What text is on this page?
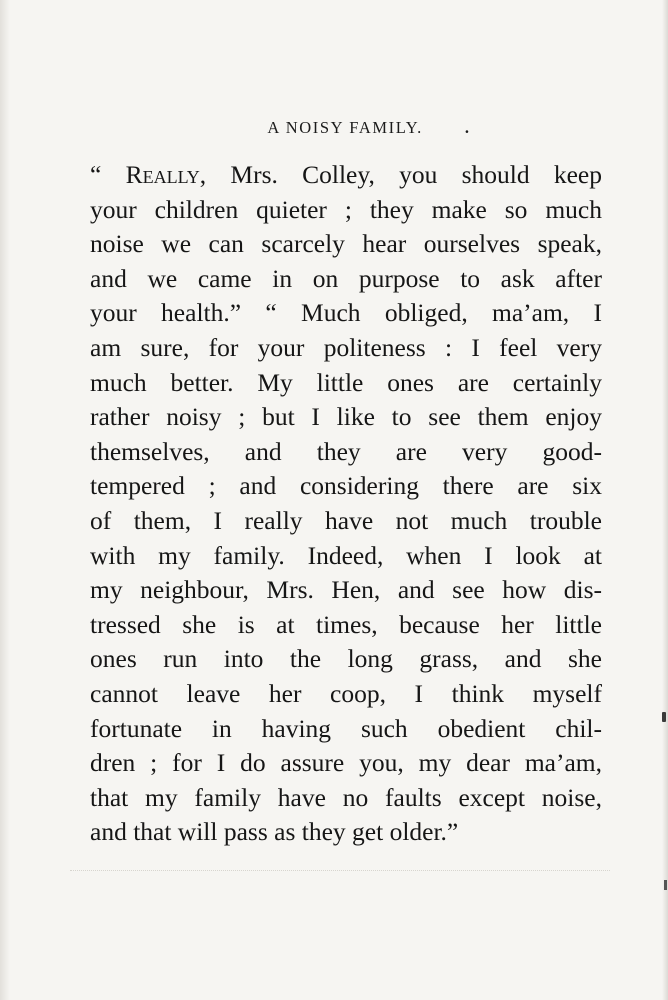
A NOISY FAMILY.	.
“ Really, Mrs. Colley, you should keep
your children quieter ; they make so much
noise we can scarcely hear ourselves speak,
and we came in on purpose to ask after
your health.” “ Much obliged, ma’am, I
am sure, for your politeness : I feel very
much better. My little ones are certainly
rather noisy ; but I like to see them enjoy
themselves, and they are very good-
tempered ; and considering there are six
of them, I really have not much trouble
with my family. Indeed, when I look at
my neighbour, Mrs. Hen, and see how dis-
tressed she is at times, because her little
ones run into the long grass, and she
cannot leave her coop, I think myself
fortunate in having such obedient chil-
dren ; for I do assure you, my dear ma’am,
that my family have no faults except noise,
and that will pass as they get older.”
